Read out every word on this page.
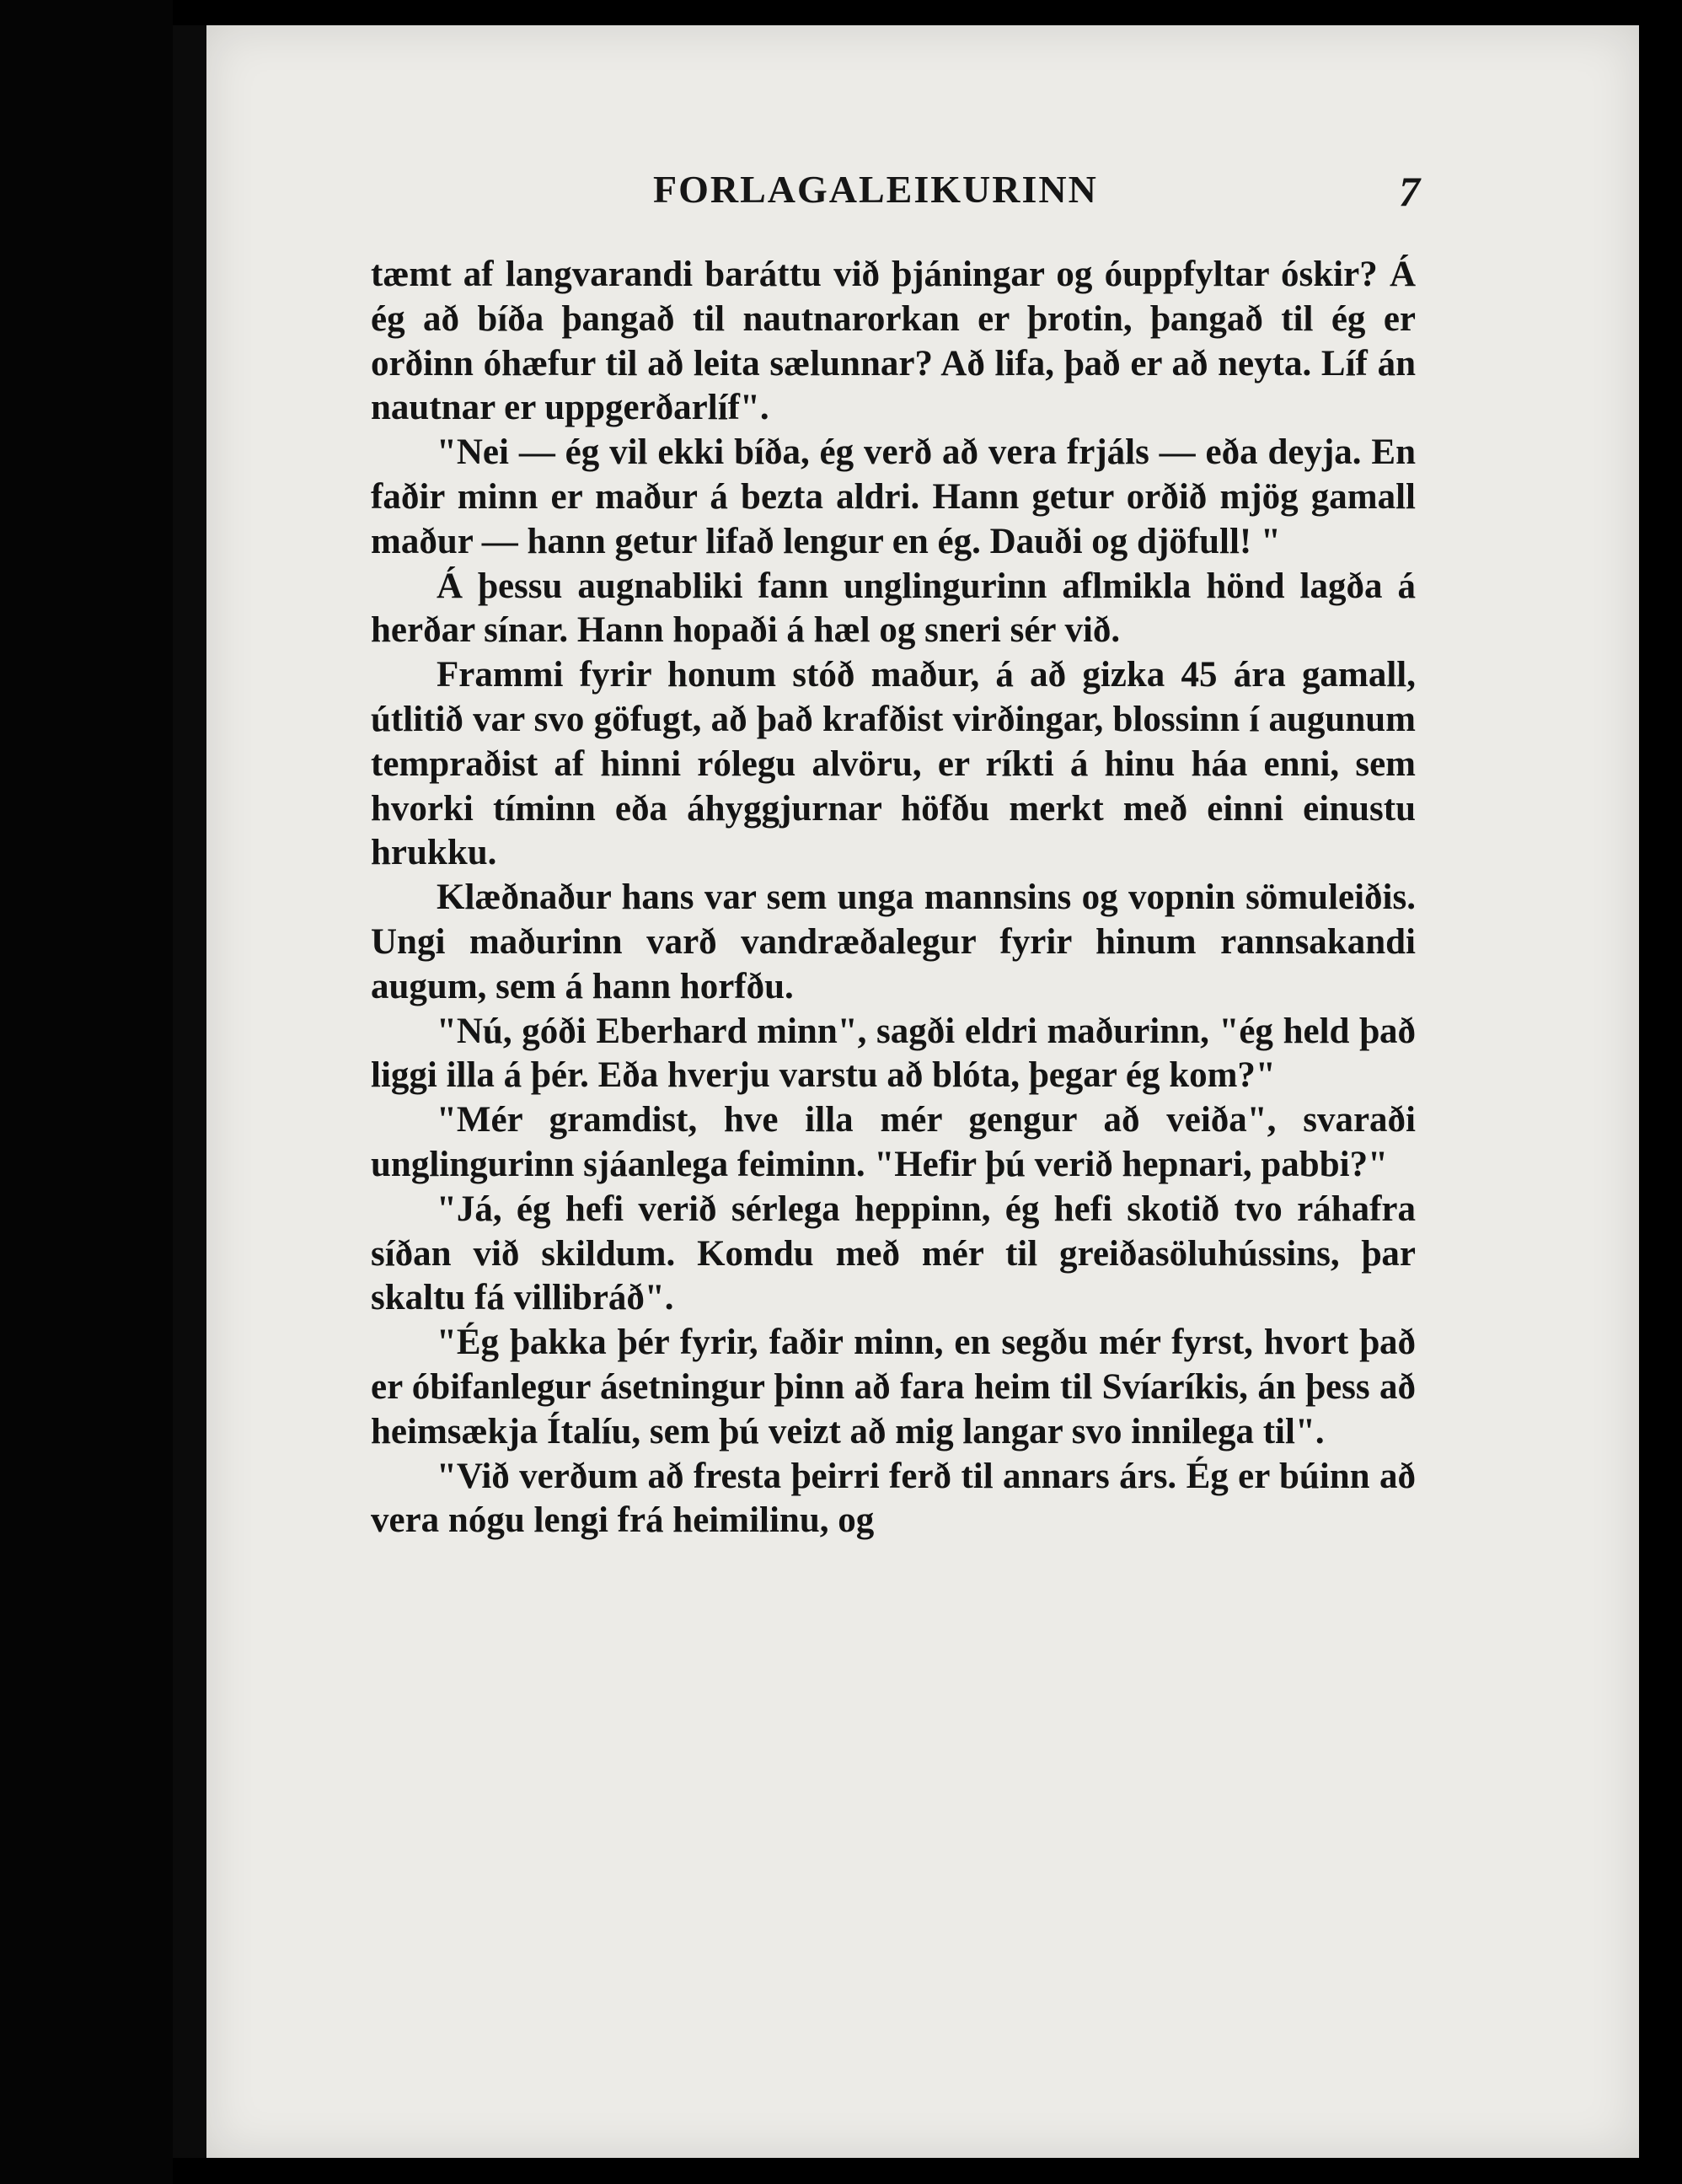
FORLAGALEIKURINN	7

tæmt af langvarandi baráttu við þjáningar og óuppfyltar óskir? Á ég að bíða þangað til nautnarorkan er þrotin, þangað til ég er orðinn óhæfur til að leita sælunnar? Að lifa, það er að neyta. Líf án nautnar er uppgerðarlíf".

"Nei — ég vil ekki bíða, ég verð að vera frjáls — eða deyja. En faðir minn er maður á bezta aldri. Hann getur orðið mjög gamall maður — hann getur lifað lengur en ég. Dauði og djöfull! "

Á þessu augnabliki fann unglingurinn aflmikla hönd lagða á herðar sínar. Hann hopaði á hæl og sneri sér við.

Frammi fyrir honum stóð maður, á að gizka 45 ára gamall, útlitið var svo göfugt, að það krafðist virðingar, blossinn í augunum tempraðist af hinni rólegu alvöru, er ríkti á hinu háa enni, sem hvorki tíminn eða áhyggjurnar höfðu merkt með einni einustu hrukku.

Klæðnaður hans var sem unga mannsins og vopnin sömuleiðis. Ungi maðurinn varð vandræðalegur fyrir hinum rannsakandi augum, sem á hann horfðu.

"Nú, góði Eberhard minn", sagði eldri maðurinn, "ég held það liggi illa á þér. Eða hverju varstu að blóta, þegar ég kom?"

"Mér gramdist, hve illa mér gengur að veiða", svaraði unglingurinn sjáanlega feiminn. "Hefir þú verið hepnari, pabbi?"

"Já, ég hefi verið sérlega heppinn, ég hefi skotið tvo ráhafra síðan við skildum. Komdu með mér til greiðasöluhússins, þar skaltu fá villibráð".

"Ég þakka þér fyrir, faðir minn, en segðu mér fyrst, hvort það er óbifanlegur ásetningur þinn að fara heim til Svíaríkis, án þess að heimsækja Ítalíu, sem þú veizt að mig langar svo innilega til".

"Við verðum að fresta þeirri ferð til annars árs. Ég er búinn að vera nógu lengi frá heimilinu, og
